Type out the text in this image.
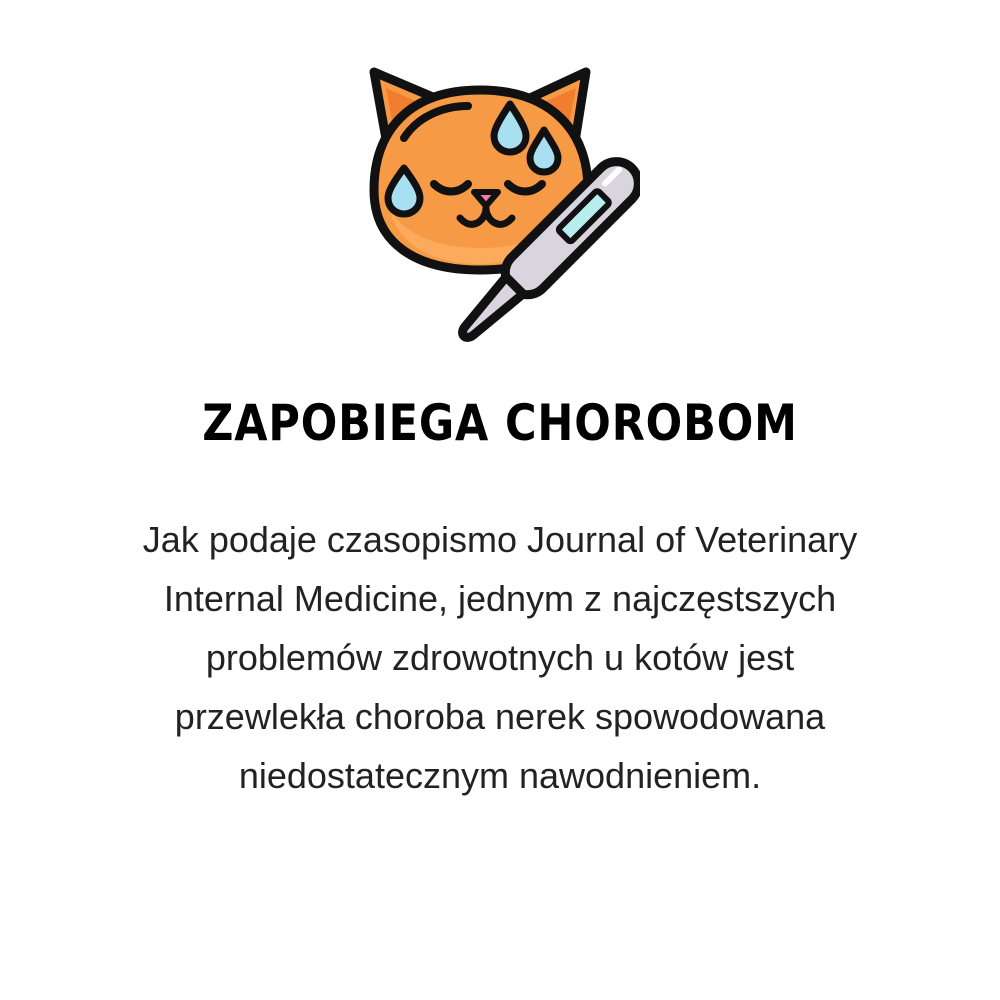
ZAPOBIEGA CHOROBOM
Jak podaje czasopismo Journal of Veterinary
Internal Medicine, jednym z najczęstszych
problemów zdrowotnych u kotów jest
przewlekła choroba nerek spowodowana
niedostatecznym nawodnieniem.
